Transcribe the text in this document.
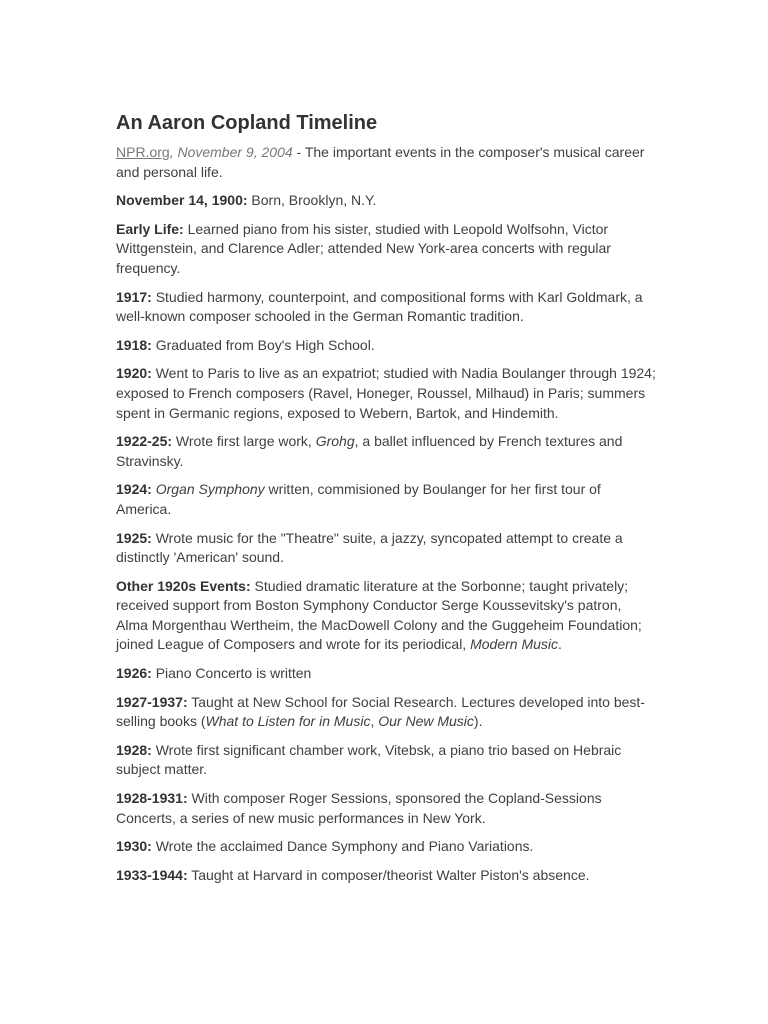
An Aaron Copland Timeline

NPR.org, November 9, 2004 - The important events in the composer's musical career and personal life.

November 14, 1900: Born, Brooklyn, N.Y.

Early Life: Learned piano from his sister, studied with Leopold Wolfsohn, Victor Wittgenstein, and Clarence Adler; attended New York-area concerts with regular frequency.

1917: Studied harmony, counterpoint, and compositional forms with Karl Goldmark, a well-known composer schooled in the German Romantic tradition.

1918: Graduated from Boy's High School.

1920: Went to Paris to live as an expatriot; studied with Nadia Boulanger through 1924; exposed to French composers (Ravel, Honeger, Roussel, Milhaud) in Paris; summers spent in Germanic regions, exposed to Webern, Bartok, and Hindemith.

1922-25: Wrote first large work, Grohg, a ballet influenced by French textures and Stravinsky.

1924: Organ Symphony written, commisioned by Boulanger for her first tour of America.

1925: Wrote music for the "Theatre" suite, a jazzy, syncopated attempt to create a distinctly 'American' sound.

Other 1920s Events: Studied dramatic literature at the Sorbonne; taught privately; received support from Boston Symphony Conductor Serge Koussevitsky's patron, Alma Morgenthau Wertheim, the MacDowell Colony and the Guggeheim Foundation; joined League of Composers and wrote for its periodical, Modern Music.

1926: Piano Concerto is written

1927-1937: Taught at New School for Social Research. Lectures developed into best-selling books (What to Listen for in Music, Our New Music).

1928: Wrote first significant chamber work, Vitebsk, a piano trio based on Hebraic subject matter.

1928-1931: With composer Roger Sessions, sponsored the Copland-Sessions Concerts, a series of new music performances in New York.

1930: Wrote the acclaimed Dance Symphony and Piano Variations.

1933-1944: Taught at Harvard in composer/theorist Walter Piston's absence.
